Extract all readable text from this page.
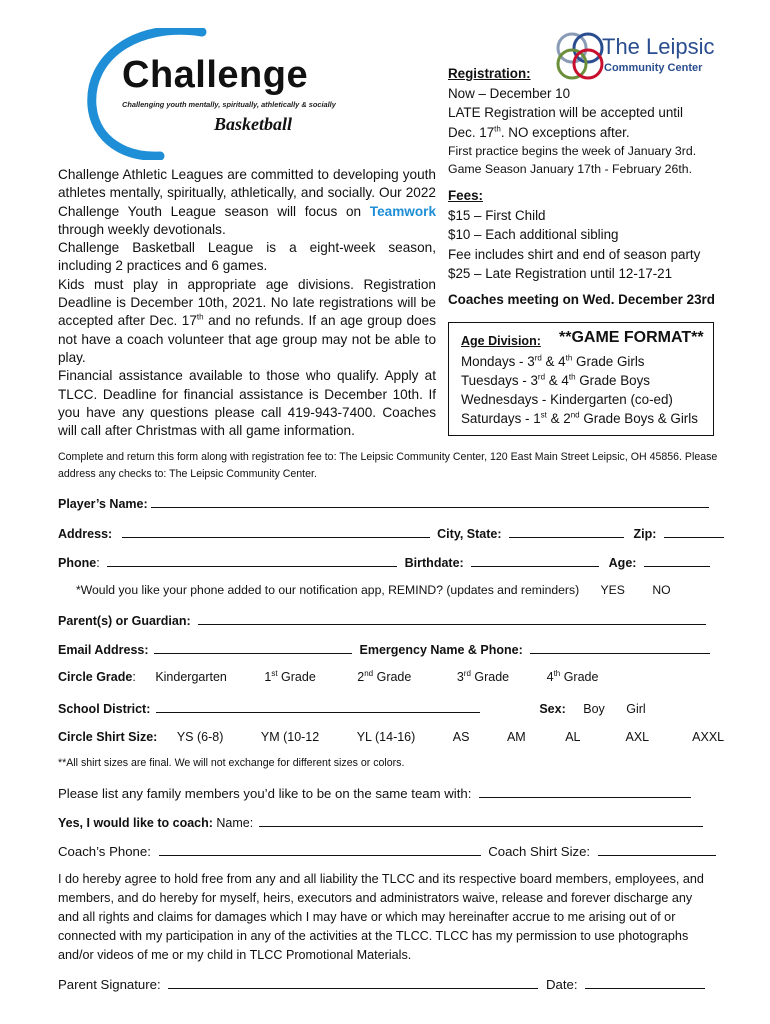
Challenge
Challenging youth mentally, spiritually, athletically & socially
Basketball
The Leipsic
Community Center

Challenge Athletic Leagues are committed to developing youth athletes mentally, spiritually, athletically, and socially. Our 2022 Challenge Youth League season will focus on Teamwork through weekly devotionals.

Challenge Basketball League is a eight-week season, including 2 practices and 6 games.

Kids must play in appropriate age divisions. Registration Deadline is December 10th, 2021. No late registrations will be accepted after Dec. 17th and no refunds. If an age group does not have a coach volunteer that age group may not be able to play.

Financial assistance available to those who qualify. Apply at TLCC. Deadline for financial assistance is December 10th. If you have any questions please call 419-943-7400. Coaches will call after Christmas with all game information.

Registration:
Now – December 10
LATE Registration will be accepted until
Dec. 17th. NO exceptions after.
First practice begins the week of January 3rd.
Game Season January 17th - February 26th.
Fees:
$15 – First Child
$10 – Each additional sibling
Fee includes shirt and end of season party
$25 – Late Registration until 12-17-21
Coaches meeting on Wed. December 23rd
Age Division: **GAME FORMAT**
Mondays - 3rd & 4th Grade Girls
Tuesdays - 3rd & 4th Grade Boys
Wednesdays - Kindergarten (co-ed)
Saturdays - 1st & 2nd Grade Boys & Girls
Complete and return this form along with registration fee to: The Leipsic Community Center, 120 East Main Street Leipsic, OH 45856. Please address any checks to: The Leipsic Community Center.
Player’s Name:
Address:	City, State:	Zip:
Phone:	Birthdate:	Age:
*Would you like your phone added to our notification app, REMIND? (updates and reminders) YES NO
Parent(s) or Guardian:
Email Address:	Emergency Name & Phone:
Circle Grade: Kindergarten	1st Grade	2nd Grade	3rd Grade	4th Grade
School District:	Sex: Boy Girl
Circle Shirt Size: YS (6-8)	YM (10-12	YL (14-16)	AS	AM	AL	AXL	AXXL
**All shirt sizes are final. We will not exchange for different sizes or colors.
Please list any family members you’d like to be on the same team with:
Yes, I would like to coach: Name:
Coach’s Phone:	Coach Shirt Size:
I do hereby agree to hold free from any and all liability the TLCC and its respective board members, employees, and members, and do hereby for myself, heirs, executors and administrators waive, release and forever discharge any and all rights and claims for damages which I may have or which may hereinafter accrue to me arising out of or connected with my participation in any of the activities at the TLCC. TLCC has my permission to use photographs and/or videos of me or my child in TLCC Promotional Materials.
Parent Signature:	Date:
